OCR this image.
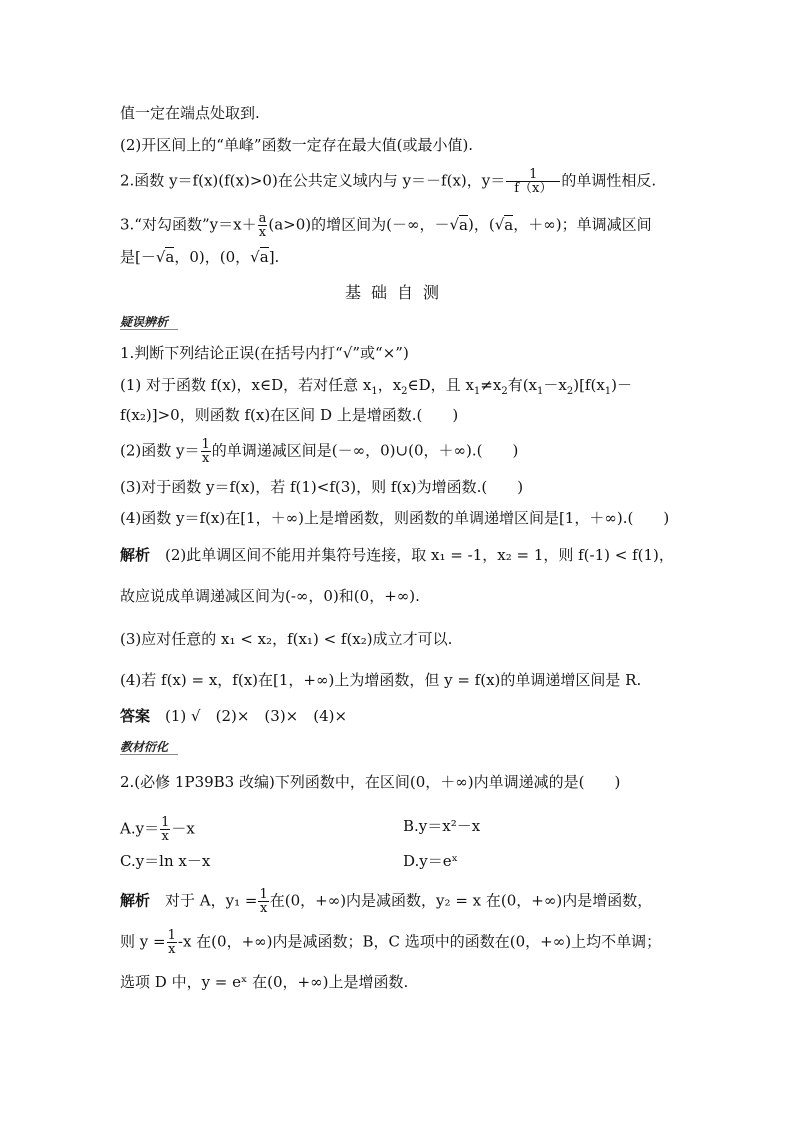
值一定在端点处取到.
(2)开区间上的“单峰”函数一定存在最大值(或最小值).
2.函数 y＝f(x)(f(x)>0)在公共定义域内与 y＝－f(x)，$y= \frac{1}{f(x)}$ 的单调性相反.
3.“对勾函数”y＝x＋ $\frac{a}{x} (a>0)$的增区间为(－∞，－√a)，(√a，＋∞)；单调减区间
是[－√a，0)，(0，√a].
基础自测
疑误辨析
1.判断下列结论正误(在括号内打“√”或“×”)
(1) 对于函数 f(x)，x∈D，若对任意 $x_1$，$x_2\in D$，且 $x_1\ne x_2$有$(x_1-x_2)[f(x_1)-$
f(x₂)]>0，则函数 f(x)在区间 D 上是增函数.(　　)
(2)函数 $y= \frac{1}{x}$ 的单调递减区间是(－∞，0)∪(0，＋∞).(　　)
(3)对于函数 y＝f(x)，若 f(1)<f(3)，则 f(x)为增函数.(　　)
(4)函数 y＝f(x)在[1，＋∞)上是增函数，则函数的单调递增区间是[1，＋∞).(　　)
解析　 (2)此单调区间不能用并集符号连接，取 x₁ = ‑1，x₂ = 1，则 f(‑1) < f(1)，
故应说成单调递减区间为(‑∞，0)和(0，+∞).
(3)应对任意的 x₁ < x₂，f(x₁) < f(x₂)成立才可以.
(4)若 f(x) = x，f(x)在[1，+∞)上为增函数，但 y = f(x)的单调递增区间是 R.
答案　 (1) √　(2)×　(3)×　(4)×
教材衍化
2.(必修 1P39B3 改编)下列函数中，在区间(0，＋∞)内单调递减的是(　　)
$A.y= \frac{1}{x} -x$	B.y＝x²－x
C.y＝ln x－x	D.y＝eˣ
解析　 对于 A，$y_1 = \frac{1}{x}$ 在(0，+∞)内是减函数，y₂ = x 在(0，+∞)内是增函数，
则 $y = \frac{1}{x}$ ‑x 在(0，+∞)内是减函数；B，C 选项中的函数在(0，+∞)上均不单调；
选项 D 中，y = eˣ 在(0，+∞)上是增函数.
